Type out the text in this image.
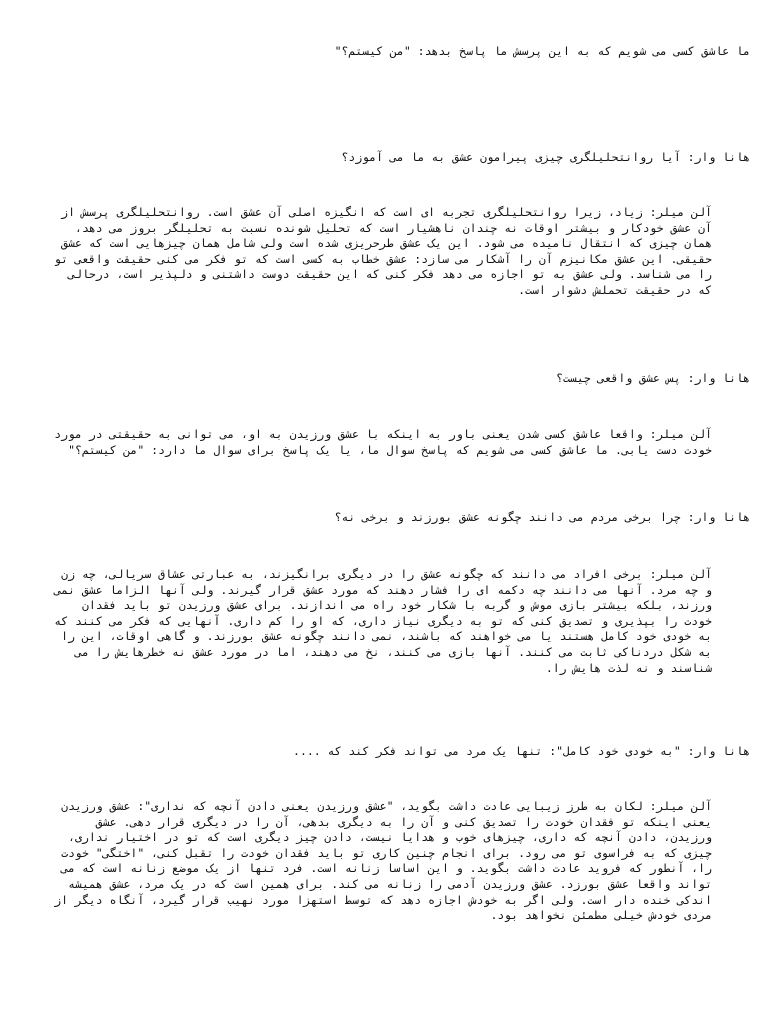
ما عاشق کسی می شویم که به این پرسش ما پاسخ بدهد: "من کیستم؟"

هانا وار: آیا روانتحلیلگری چیزی پیرامون عشق به ما می آموزد؟

آلن میلر: زیاد، زیرا روانتحلیلگری تجربه ای است که انگیزه اصلی آن عشق است. روانتحلیلگری پرسش از آن عشق خودکار و بیشتر اوقات نه چندان ناهشیار است که تحلیل شونده نسبت به تحلیلگر بروز می دهد، همان چیزی که انتقال نامیده می شود. این یک عشق طرحریزی شده است ولی شامل همان چیزهایی است که عشق حقیقی. این عشق مکانیزم آن را آشکار می سازد: عشق خطاب به کسی است که تو فکر می کنی حقیقت واقعی تو را می شناسد. ولی عشق به تو اجازه می دهد فکر کنی که این حقیقت دوست داشتنی و دلپذیر است، درحالی که در حقیقت تحملش دشوار است.

هانا وار: پس عشق واقعی چیست؟

آلن میلر: واقعا عاشق کسی شدن یعنی باور به اینکه با عشق ورزیدن به او، می توانی به حقیقتی در مورد خودت دست یابی. ما عاشق کسی می شویم که پاسخ سوال ما، یا یک پاسخ برای سوال ما دارد: "من کیستم؟"

هانا وار: چرا برخی مردم می دانند چگونه عشق بورزند و برخی نه؟

آلن میلر: برخی افراد می دانند که چگونه عشق را در دیگری برانگیزند، به عبارتی عشاق سریالی، چه زن و چه مرد. آنها می دانند چه دکمه ای را فشار دهند که مورد عشق قرار گیرند. ولی آنها الزاما عشق نمی ورزند، بلکه بیشتر بازی موش و گربه با شکار خود راه می اندازند. برای عشق ورزیدن تو باید فقدان خودت را بپذیری و تصدیق کنی که تو به دیگری نیاز داری، که او را کم داری. آنهایی که فکر می کنند که به خودی خود کامل هستند یا می خواهند که باشند، نمی دانند چگونه عشق بورزند. و گاهی اوقات، این را به شکل دردناکی ثابت می کنند. آنها بازی می کنند، نخ می دهند، اما در مورد عشق نه خطرهایش را می شناسند و نه لذت هایش را.

هانا وار: "به خودی خود کامل": تنها یک مرد می تواند فکر کند که ....

آلن میلر: لکان به طرز زیبایی عادت داشت بگوید، "عشق ورزیدن یعنی دادن آنچه که نداری": عشق ورزیدن یعنی اینکه تو فقدان خودت را تصدیق کنی و آن را به دیگری بدهی، آن را در دیگری قرار دهی. عشق ورزیدن، دادن آنچه که داری، چیزهای خوب و هدایا نیست، دادن چیز دیگری است که تو در اختیار نداری، چیزی که به فراسوی تو می رود. برای انجام چنین کاری تو باید فقدان خودت را تقبل کنی، "اختگی" خودت را، آنطور که فروید عادت داشت بگوید. و این اساسا زنانه است. فرد تنها از یک موضع زنانه است که می تواند واقعا عشق بورزد. عشق ورزیدن آدمی را زنانه می کند. برای همین است که در یک مرد، عشق همیشه اندکی خنده دار است. ولی اگر به خودش اجازه دهد که توسط استهزا مورد نهیب قرار گیرد، آنگاه دیگر از مردی خودش خیلی مطمئن نخواهد بود.
